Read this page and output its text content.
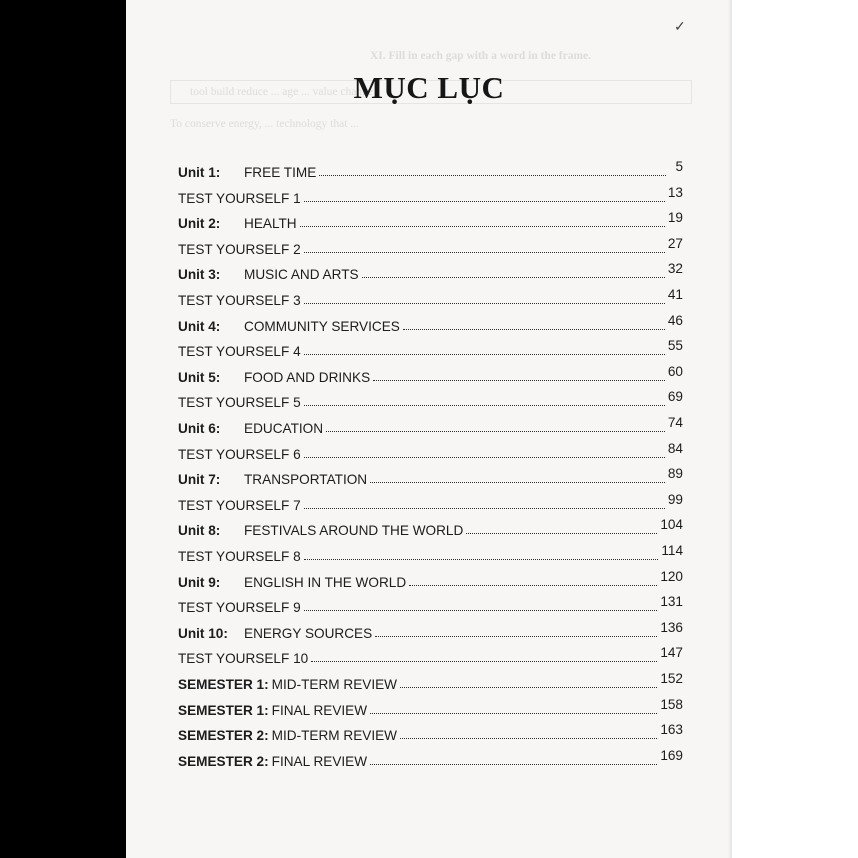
XI. Fill in each gap with a word in the frame.
tool build reduce ... age ... value change
To conserve energy, ... technology that ...
✓
MỤC LỤC
Unit 1:	FREE TIME	5
TEST YOURSELF 1	13
Unit 2:	HEALTH	19
TEST YOURSELF 2	27
Unit 3:	MUSIC AND ARTS	32
TEST YOURSELF 3	41
Unit 4:	COMMUNITY SERVICES	46
TEST YOURSELF 4	55
Unit 5:	FOOD AND DRINKS	60
TEST YOURSELF 5	69
Unit 6:	EDUCATION	74
TEST YOURSELF 6	84
Unit 7:	TRANSPORTATION	89
TEST YOURSELF 7	99
Unit 8:	FESTIVALS AROUND THE WORLD	104
TEST YOURSELF 8	114
Unit 9:	ENGLISH IN THE WORLD	120
TEST YOURSELF 9	131
Unit 10:	ENERGY SOURCES	136
TEST YOURSELF 10	147
SEMESTER 1: MID-TERM REVIEW	152
SEMESTER 1: FINAL REVIEW	158
SEMESTER 2: MID-TERM REVIEW	163
SEMESTER 2: FINAL REVIEW	169
